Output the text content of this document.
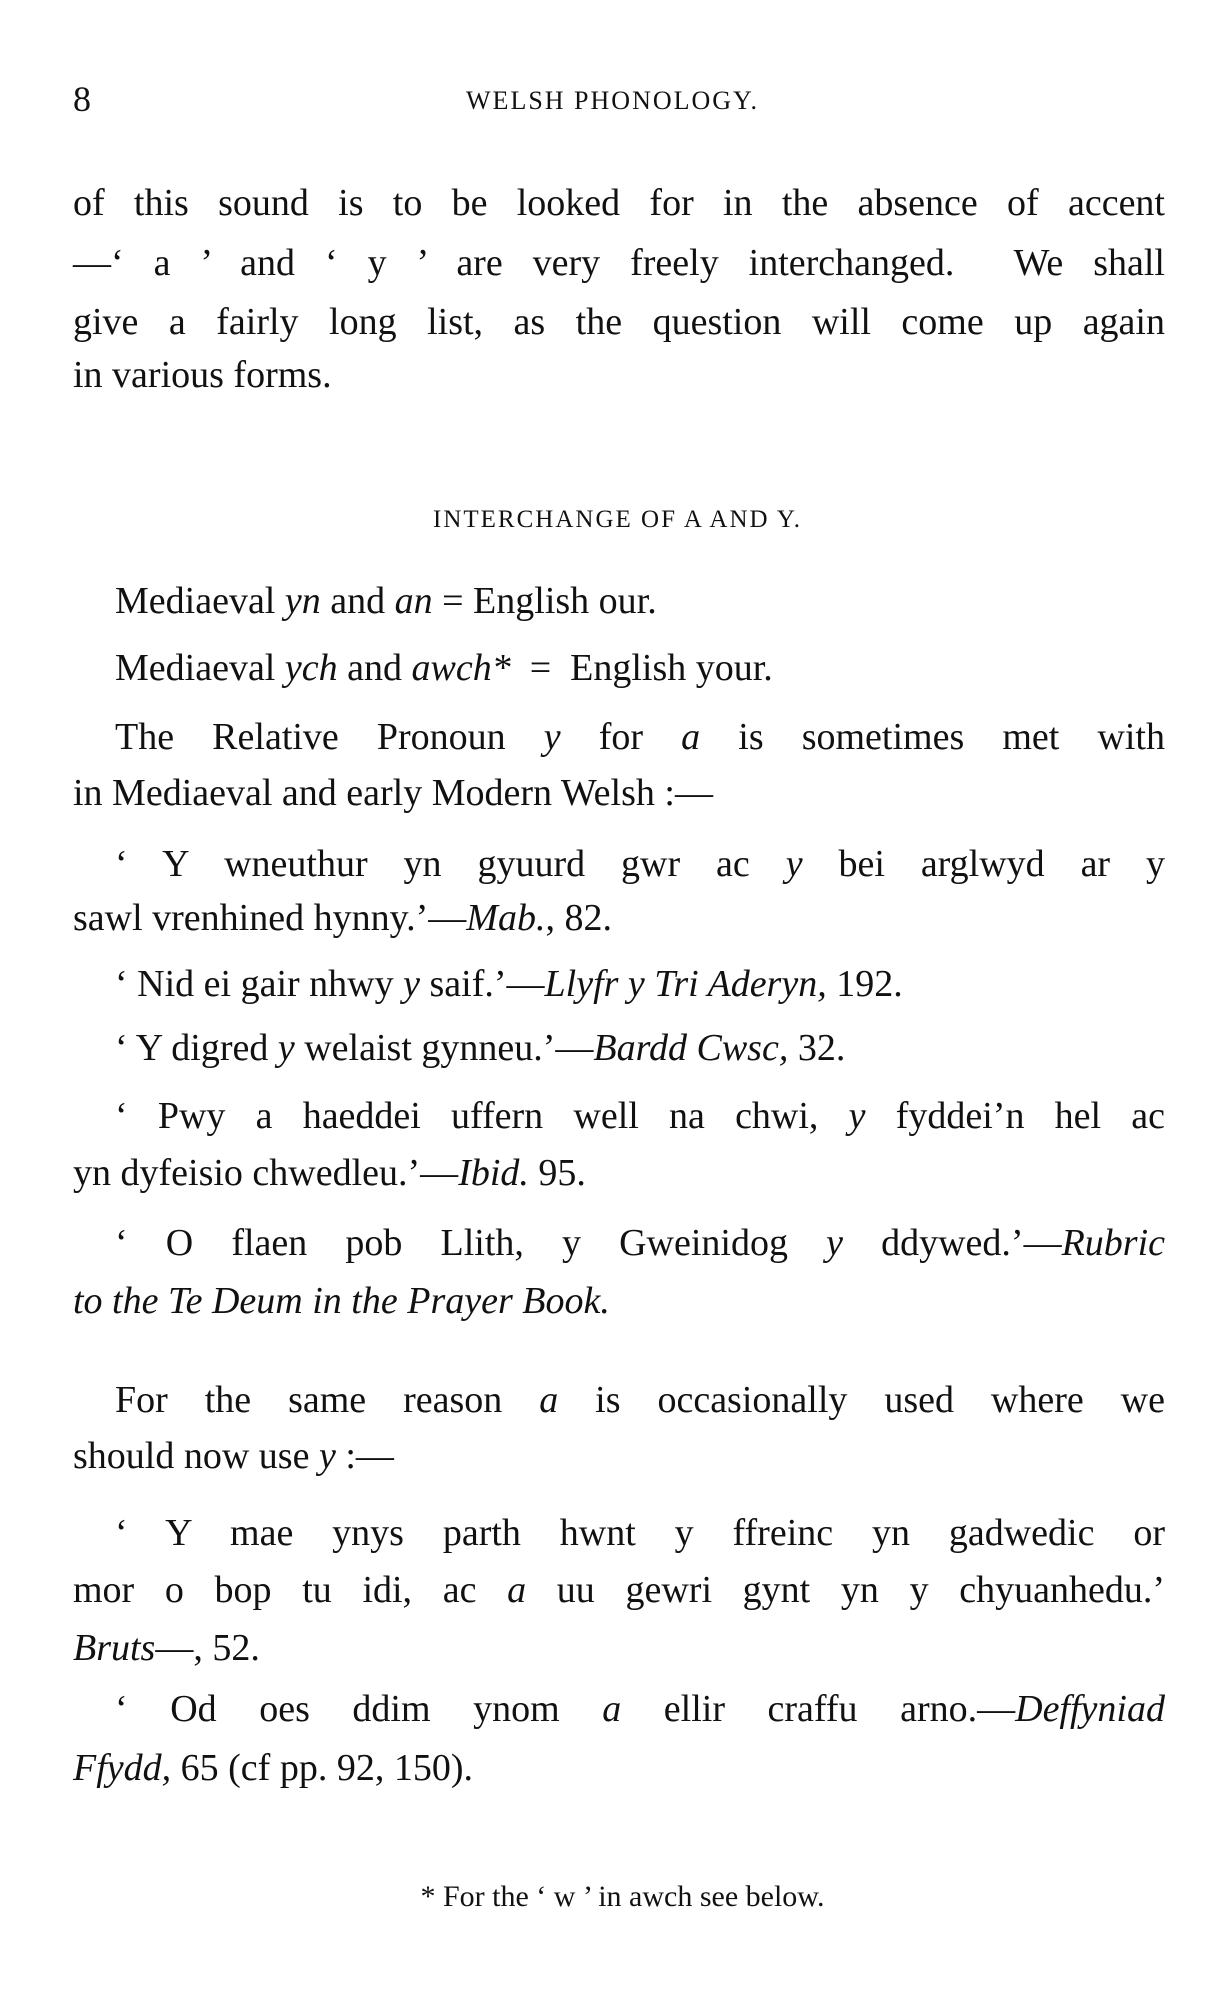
8	WELSH PHONOLOGY.
INTERCHANGE OF A AND Y.
of this sound is to be looked for in the absence of accent
—‘ a ’ and ‘ y ’ are very freely interchanged.  We shall
give a fairly long list, as the question will come up again
in various forms.
Mediaeval yn and an = English our.
Mediaeval ych and awch*  =  English your.
The Relative Pronoun y for a is sometimes met with
in Mediaeval and early Modern Welsh :—
‘ Y wneuthur yn gyuurd gwr ac y bei arglwyd ar y
sawl vrenhined hynny.’—Mab., 82.
‘ Nid ei gair nhwy y saif.’—Llyfr y Tri Aderyn, 192.
‘ Y digred y welaist gynneu.’—Bardd Cwsc, 32.
‘ Pwy a haeddei uffern well na chwi, y fyddei’n hel ac
yn dyfeisio chwedleu.’—Ibid. 95.
‘ O flaen pob Llith, y Gweinidog y ddywed.’—Rubric
to the Te Deum in the Prayer Book.
For the same reason a is occasionally used where we
should now use y :—
‘ Y mae ynys parth hwnt y ffreinc yn gadwedic or
mor o bop tu idi, ac a uu gewri gynt yn y chyuanhedu.’
Bruts—, 52.
‘ Od oes ddim ynom a ellir craffu arno.—Deffyniad
Ffydd, 65 (cf pp. 92, 150).
* For the ‘ w ’ in awch see below.
